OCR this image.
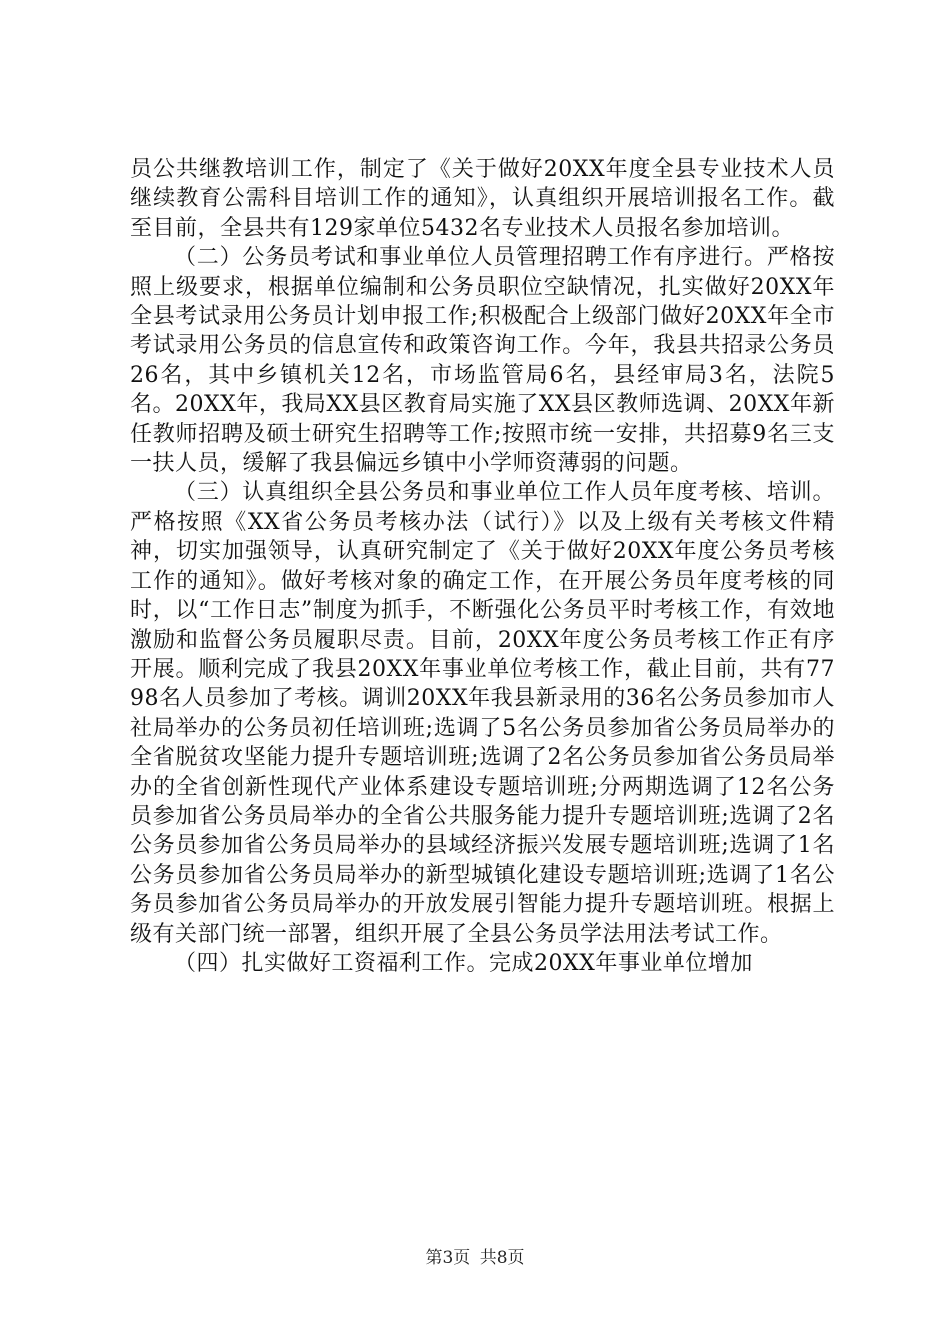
员公共继教培训工作，制定了《关于做好20XX年度全县专业技术人员继续教育公需科目培训工作的通知》，认真组织开展培训报名工作。截至目前，全县共有129家单位5432名专业技术人员报名参加培训。

（二）公务员考试和事业单位人员管理招聘工作有序进行。严格按照上级要求，根据单位编制和公务员职位空缺情况，扎实做好20XX年全县考试录用公务员计划申报工作;积极配合上级部门做好20XX年全市考试录用公务员的信息宣传和政策咨询工作。今年，我县共招录公务员26名，其中乡镇机关12名，市场监管局6名，县经审局3名，法院5名。20XX年，我局XX县区教育局实施了XX县区教师选调、20XX年新任教师招聘及硕士研究生招聘等工作;按照市统一安排，共招募9名三支一扶人员，缓解了我县偏远乡镇中小学师资薄弱的问题。

（三）认真组织全县公务员和事业单位工作人员年度考核、培训。严格按照《XX省公务员考核办法（试行）》以及上级有关考核文件精神，切实加强领导，认真研究制定了《关于做好20XX年度公务员考核工作的通知》。做好考核对象的确定工作，在开展公务员年度考核的同时，以“工作日志”制度为抓手，不断强化公务员平时考核工作，有效地激励和监督公务员履职尽责。目前，20XX年度公务员考核工作正有序开展。顺利完成了我县20XX年事业单位考核工作，截止目前，共有7798名人员参加了考核。调训20XX年我县新录用的36名公务员参加市人社局举办的公务员初任培训班;选调了5名公务员参加省公务员局举办的全省脱贫攻坚能力提升专题培训班;选调了2名公务员参加省公务员局举办的全省创新性现代产业体系建设专题培训班;分两期选调了12名公务员参加省公务员局举办的全省公共服务能力提升专题培训班;选调了2名公务员参加省公务员局举办的县域经济振兴发展专题培训班;选调了1名公务员参加省公务员局举办的新型城镇化建设专题培训班;选调了1名公务员参加省公务员局举办的开放发展引智能力提升专题培训班。根据上级有关部门统一部署，组织开展了全县公务员学法用法考试工作。

（四）扎实做好工资福利工作。完成20XX年事业单位增加

第3页 共8页
